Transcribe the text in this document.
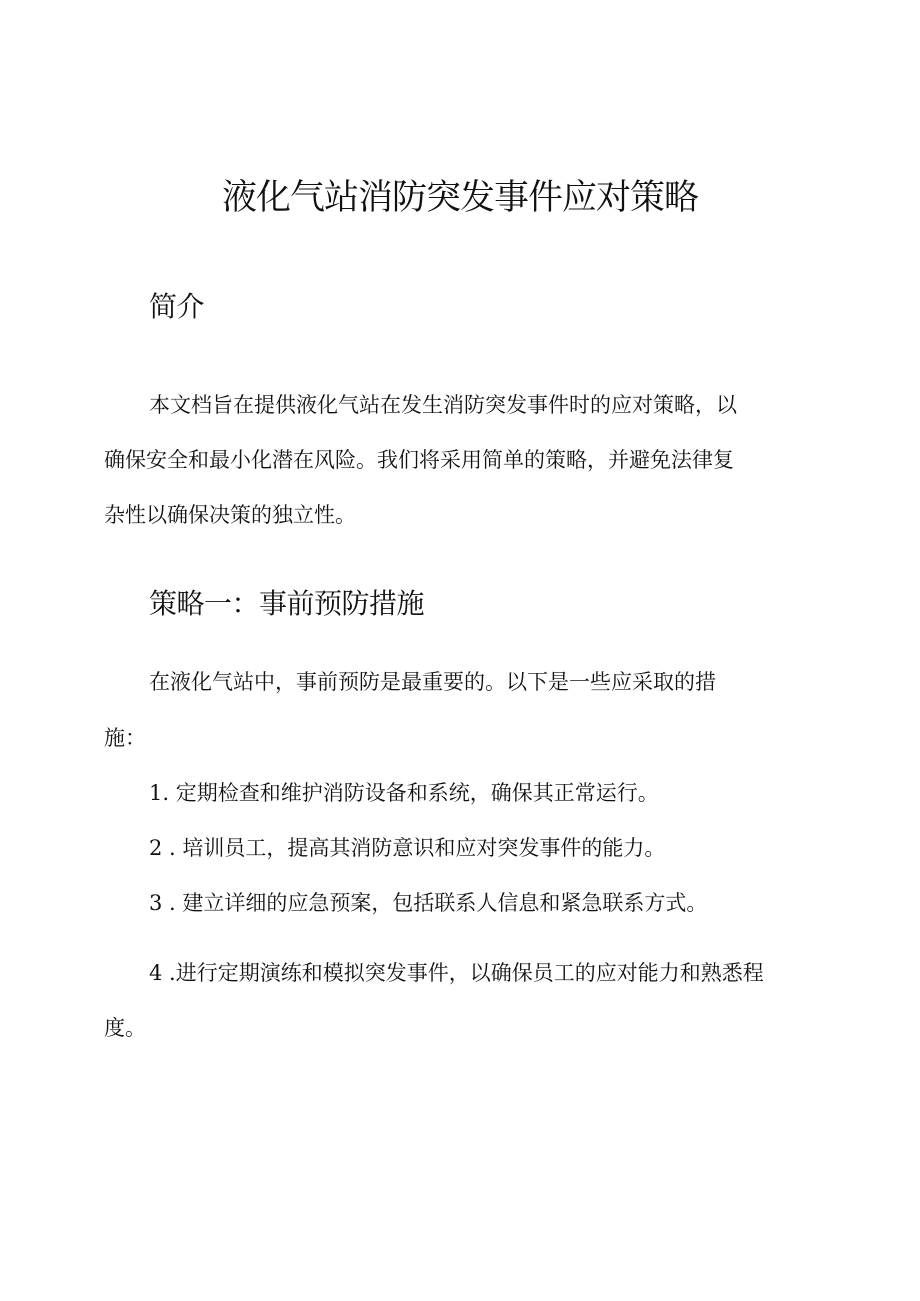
液化气站消防突发事件应对策略
简介
本文档旨在提供液化气站在发生消防突发事件时的应对策略，以
确保安全和最小化潜在风险。我们将采用简单的策略，并避免法律复
杂性以确保决策的独立性。
策略一：事前预防措施

在液化气站中，事前预防是最重要的。以下是一些应采取的措

施：

1. 定期检查和维护消防设备和系统，确保其正常运行。

2 . 培训员工，提高其消防意识和应对突发事件的能力。

3 . 建立详细的应急预案，包括联系人信息和紧急联系方式。

4 .进行定期演练和模拟突发事件，以确保员工的应对能力和熟悉程

度。
